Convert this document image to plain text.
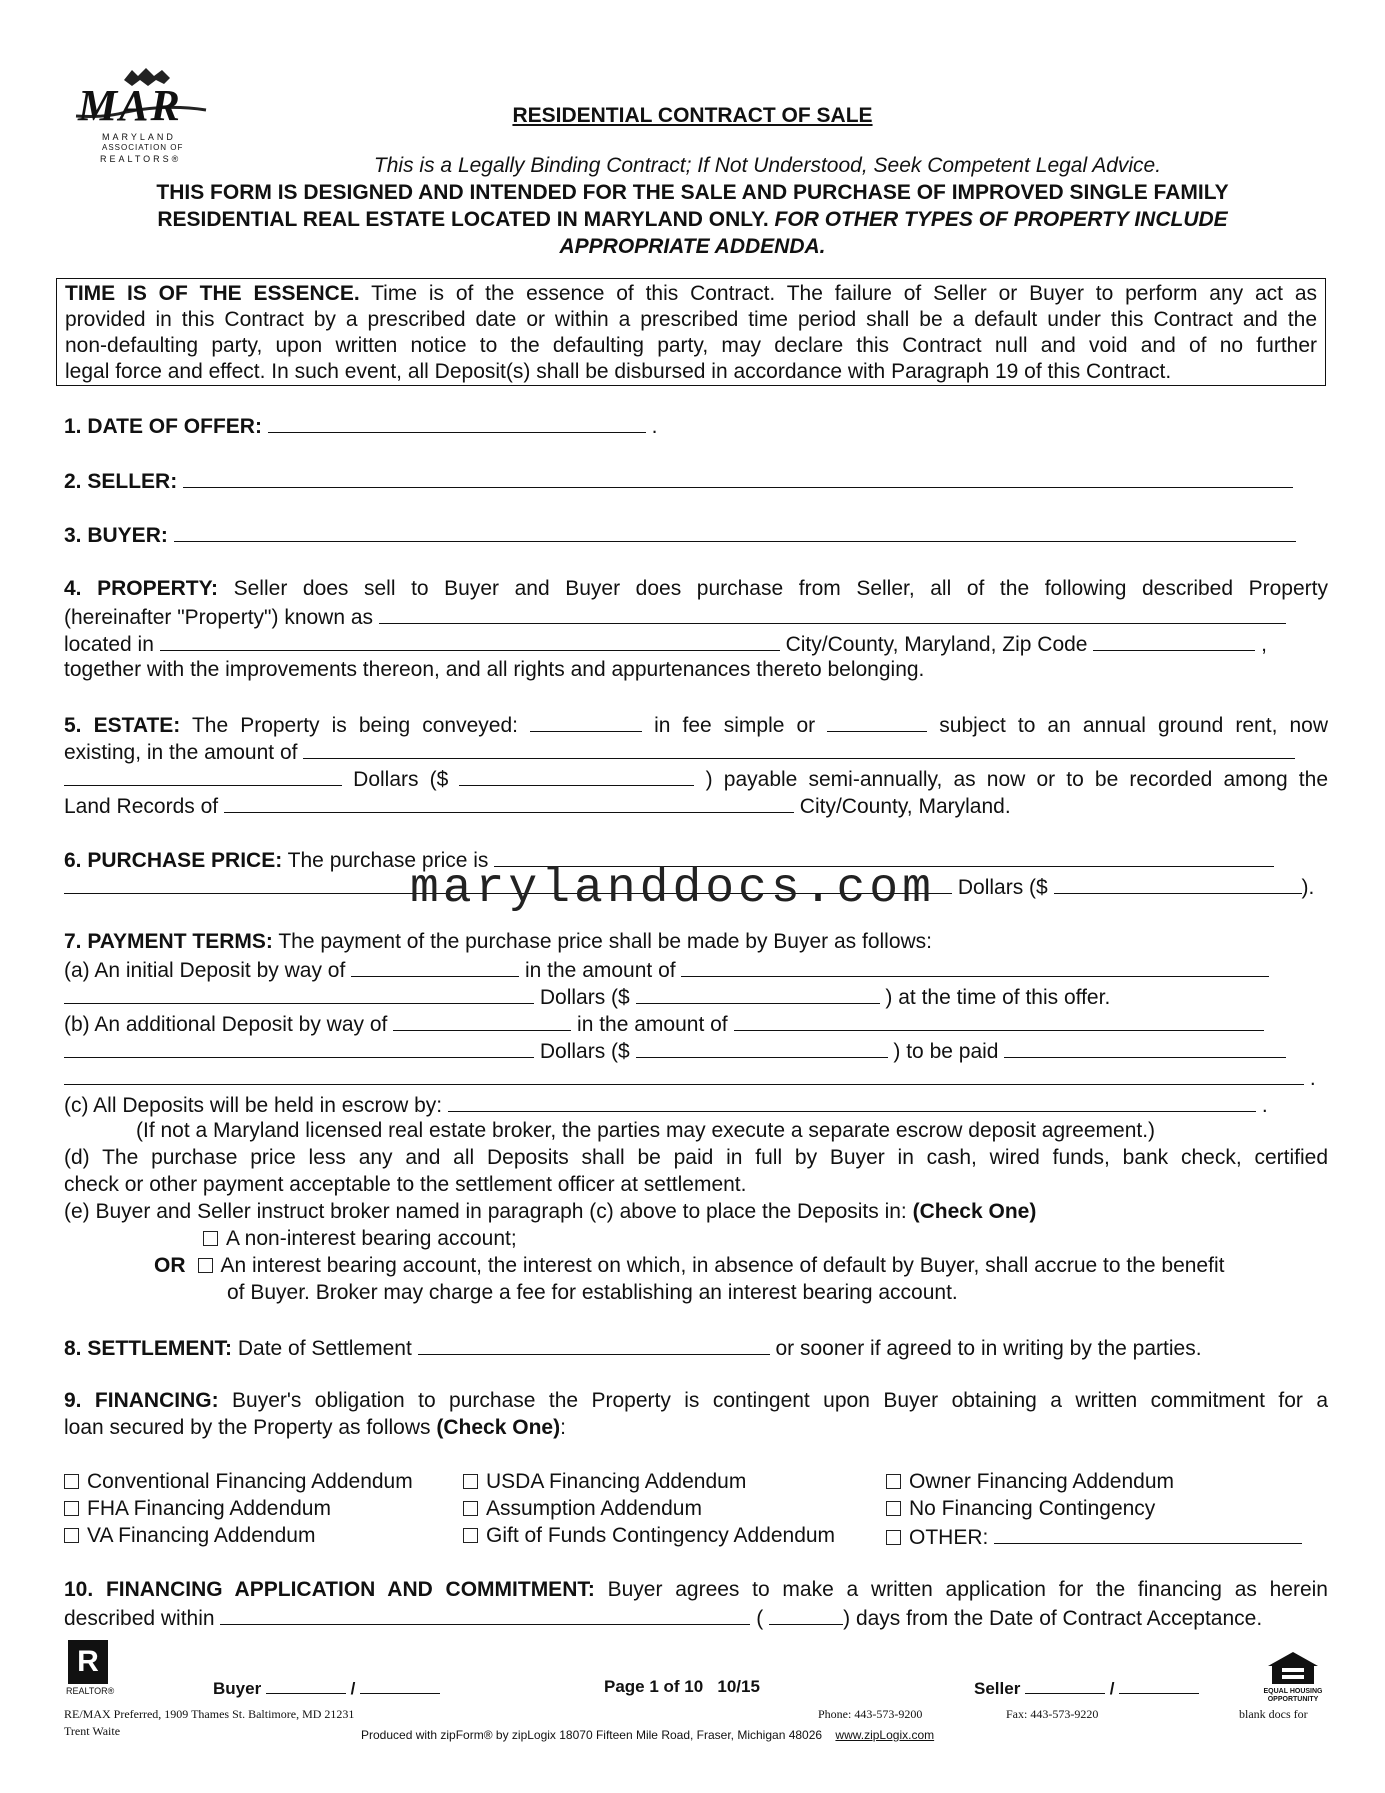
MAR
MARYLAND
ASSOCIATION OF
REALTORS®
RESIDENTIAL CONTRACT OF SALE
This is a Legally Binding Contract; If Not Understood, Seek Competent Legal Advice.
THIS FORM IS DESIGNED AND INTENDED FOR THE SALE AND PURCHASE OF IMPROVED SINGLE FAMILY
RESIDENTIAL REAL ESTATE LOCATED IN MARYLAND ONLY. FOR OTHER TYPES OF PROPERTY INCLUDE
APPROPRIATE ADDENDA.
TIME IS OF THE ESSENCE. Time is of the essence of this Contract. The failure of Seller or Buyer to perform any act as
provided in this Contract by a prescribed date or within a prescribed time period shall be a default under this Contract and the
non-defaulting party, upon written notice to the defaulting party, may declare this Contract null and void and of no further
legal force and effect. In such event, all Deposit(s) shall be disbursed in accordance with Paragraph 19 of this Contract.
1. DATE OF OFFER:	.
2. SELLER:
3. BUYER:
4. PROPERTY: Seller does sell to Buyer and Buyer does purchase from Seller, all of the following described Property
(hereinafter "Property") known as
located in	City/County, Maryland, Zip Code	,
together with the improvements thereon, and all rights and appurtenances thereto belonging.
5. ESTATE: The Property is being conveyed:	in fee simple or	subject to an annual ground rent, now
existing, in the amount of
Dollars ($	) payable semi-annually, as now or to be recorded among the
Land Records of	City/County, Maryland.
6. PURCHASE PRICE: The purchase price is
Dollars ($	).
marylanddocs.com
7. PAYMENT TERMS: The payment of the purchase price shall be made by Buyer as follows:
(a) An initial Deposit by way of	in the amount of
Dollars ($	) at the time of this offer.
(b) An additional Deposit by way of	in the amount of
Dollars ($	) to be paid
.
(c) All Deposits will be held in escrow by:	.
(If not a Maryland licensed real estate broker, the parties may execute a separate escrow deposit agreement.)
(d) The purchase price less any and all Deposits shall be paid in full by Buyer in cash, wired funds, bank check, certified
check or other payment acceptable to the settlement officer at settlement.
(e) Buyer and Seller instruct broker named in paragraph (c) above to place the Deposits in: (Check One)
A non-interest bearing account;
OR An interest bearing account, the interest on which, in absence of default by Buyer, shall accrue to the benefit
of Buyer. Broker may charge a fee for establishing an interest bearing account.
8. SETTLEMENT: Date of Settlement	or sooner if agreed to in writing by the parties.
9. FINANCING: Buyer's obligation to purchase the Property is contingent upon Buyer obtaining a written commitment for a
loan secured by the Property as follows (Check One):
Conventional Financing Addendum	USDA Financing Addendum	Owner Financing Addendum
FHA Financing Addendum	Assumption Addendum	No Financing Contingency
VA Financing Addendum	Gift of Funds Contingency Addendum	OTHER:
10. FINANCING APPLICATION AND COMMITMENT: Buyer agrees to make a written application for the financing as herein
described within	(	) days from the Date of Contract Acceptance.
R
REALTOR®	Buyer	/	Page 1 of 10 10/15	Seller	/	EQUAL HOUSING OPPORTUNITY
RE/MAX Preferred, 1909 Thames St. Baltimore, MD 21231
Trent Waite
Phone: 443-573-9200	Fax: 443-573-9220	blank docs for
Produced with zipForm® by zipLogix 18070 Fifteen Mile Road, Fraser, Michigan 48026 www.zipLogix.com
